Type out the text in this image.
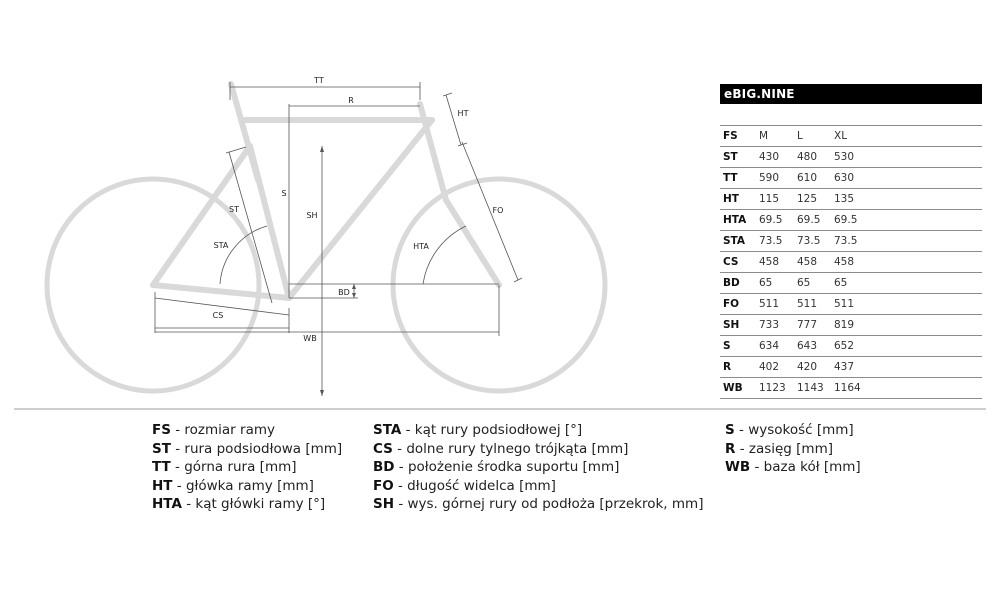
TT
R
HT
ST
S
SH
FO
STA	HTA
BD
CS
WB
eBIG.NINE
FS	M	L	XL
ST	430	480	530
TT	590	610	630
HT	115	125	135
HTA	69.5	69.5	69.5
STA	73.5	73.5	73.5
CS	458	458	458
BD	65	65	65
FO	511	511	511
SH	733	777	819
S	634	643	652
R	402	420	437
WB	1123	1143	1164
FS - rozmiar ramy
ST - rura podsiodłowa [mm]
TT - górna rura [mm]
HT - główka ramy [mm]
HTA - kąt główki ramy [°]
STA - kąt rury podsiodłowej [°]
CS - dolne rury tylnego trójkąta [mm]
BD - położenie środka suportu [mm]
FO - długość widelca [mm]
SH - wys. górnej rury od podłoża [przekrok, mm]
S - wysokość [mm]
R - zasięg [mm]
WB - baza kół [mm]
